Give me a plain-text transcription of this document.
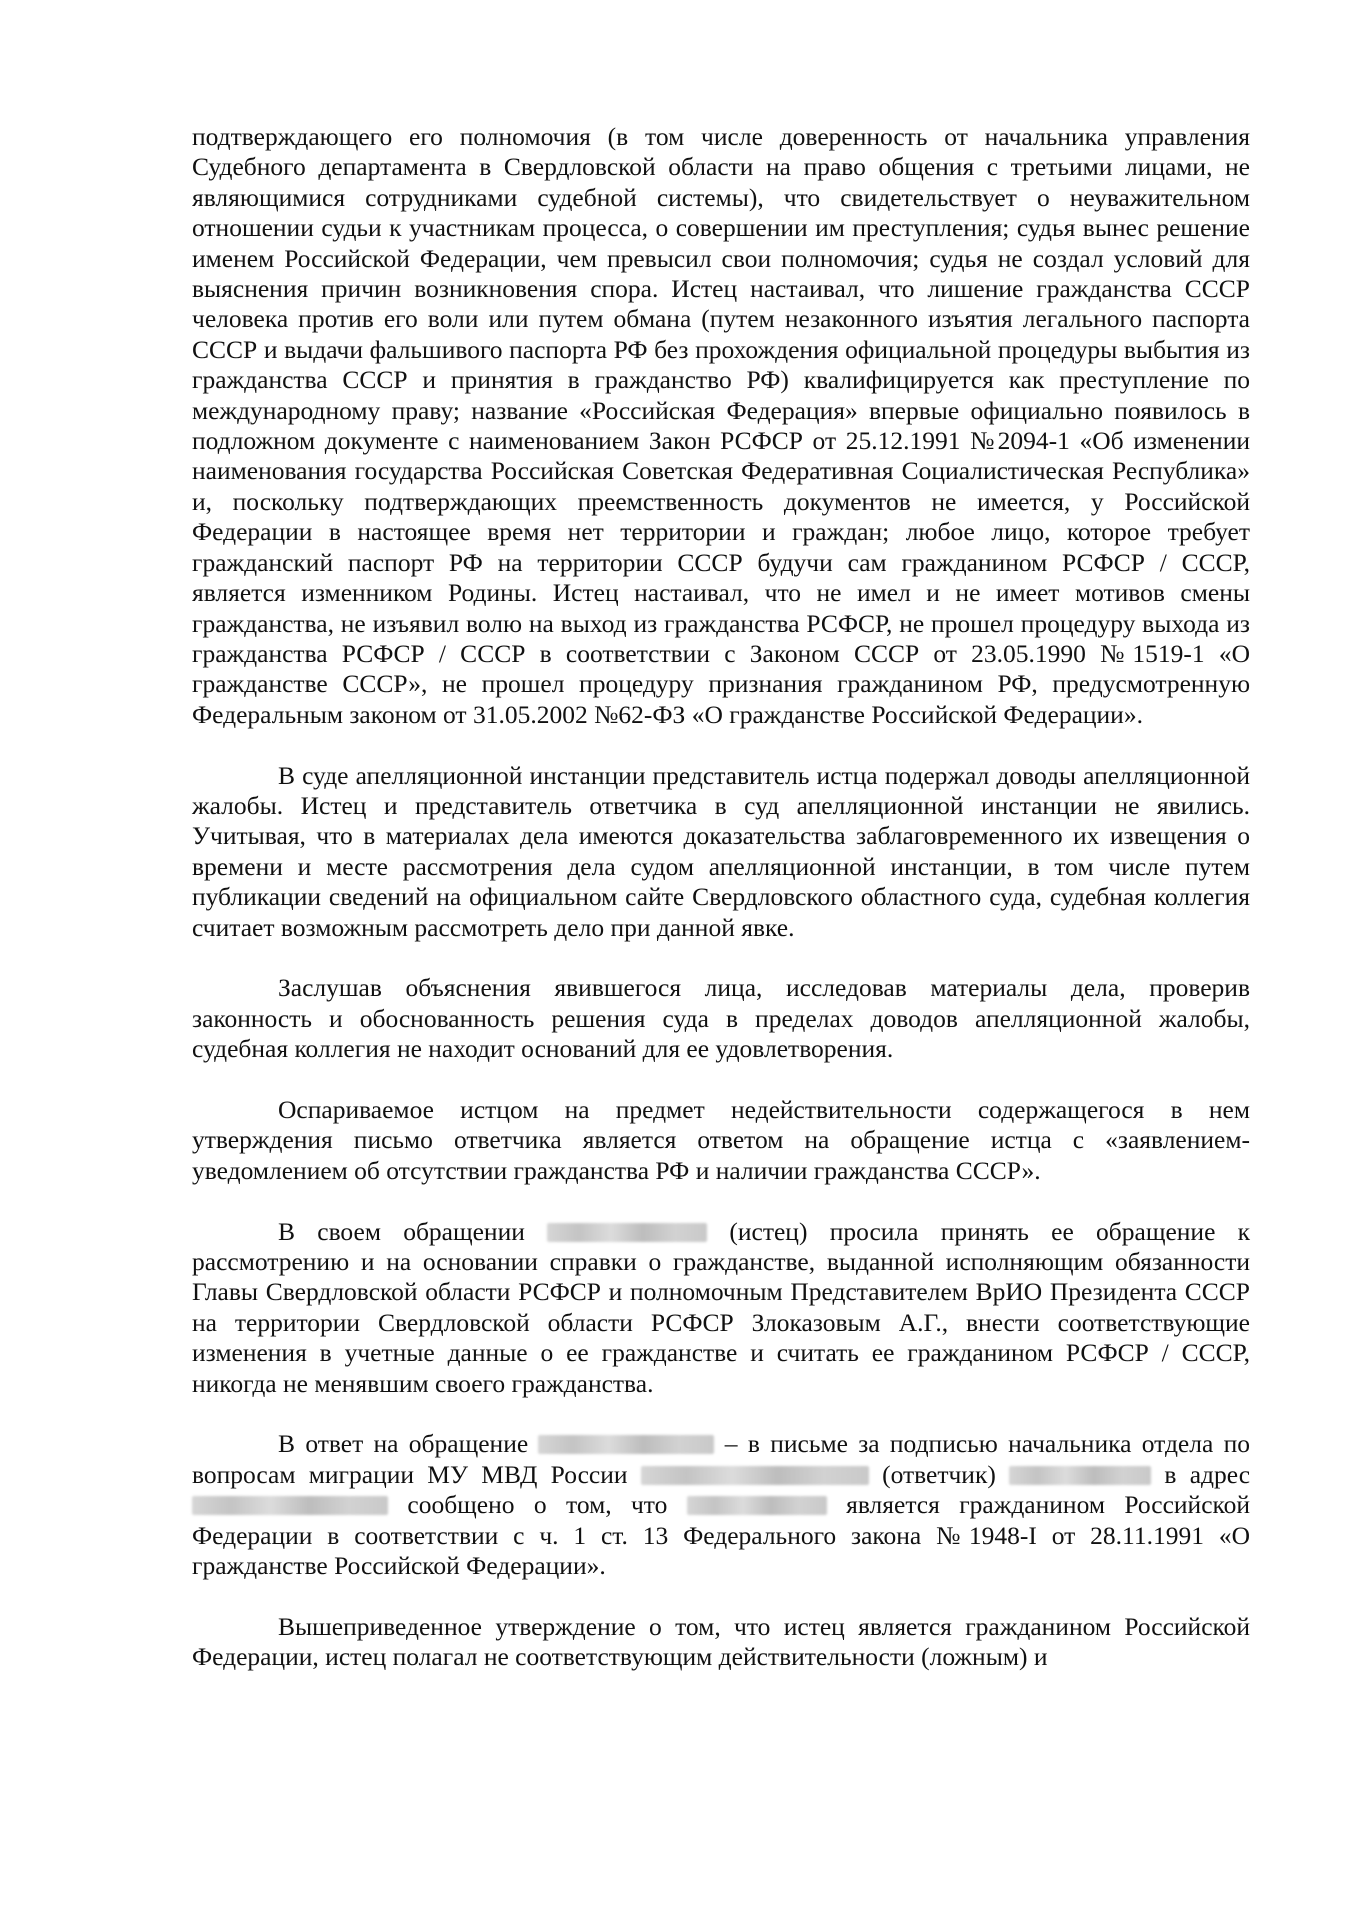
подтверждающего его полномочия (в том числе доверенность от начальника управления Судебного департамента в Свердловской области на право общения с третьими лицами, не являющимися сотрудниками судебной системы), что свидетельствует о неуважительном отношении судьи к участникам процесса, о совершении им преступления; судья вынес решение именем Российской Федерации, чем превысил свои полномочия; судья не создал условий для выяснения причин возникновения спора. Истец настаивал, что лишение гражданства СССР человека против его воли или путем обмана (путем незаконного изъятия легального паспорта СССР и выдачи фальшивого паспорта РФ без прохождения официальной процедуры выбытия из гражданства СССР и принятия в гражданство РФ) квалифицируется как преступление по международному праву; название «Российская Федерация» впервые официально появилось в подложном документе с наименованием Закон РСФСР от 25.12.1991 №2094-1 «Об изменении наименования государства Российская Советская Федеративная Социалистическая Республика» и, поскольку подтверждающих преемственность документов не имеется, у Российской Федерации в настоящее время нет территории и граждан; любое лицо, которое требует гражданский паспорт РФ на территории СССР будучи сам гражданином РСФСР / СССР, является изменником Родины. Истец настаивал, что не имел и не имеет мотивов смены гражданства, не изъявил волю на выход из гражданства РСФСР, не прошел процедуру выхода из гражданства РСФСР / СССР в соответствии с Законом СССР от 23.05.1990 №1519-1 «О гражданстве СССР», не прошел процедуру признания гражданином РФ, предусмотренную Федеральным законом от 31.05.2002 №62-ФЗ «О гражданстве Российской Федерации».

В суде апелляционной инстанции представитель истца подержал доводы апелляционной жалобы. Истец и представитель ответчика в суд апелляционной инстанции не явились. Учитывая, что в материалах дела имеются доказательства заблаговременного их извещения о времени и месте рассмотрения дела судом апелляционной инстанции, в том числе путем публикации сведений на официальном сайте Свердловского областного суда, судебная коллегия считает возможным рассмотреть дело при данной явке.

Заслушав объяснения явившегося лица, исследовав материалы дела, проверив законность и обоснованность решения суда в пределах доводов апелляционной жалобы, судебная коллегия не находит оснований для ее удовлетворения.

Оспариваемое истцом на предмет недействительности содержащегося в нем утверждения письмо ответчика является ответом на обращение истца с «заявлением-уведомлением об отсутствии гражданства РФ и наличии гражданства СССР».

В своем обращении	(истец) просила принять ее обращение к рассмотрению и на основании справки о гражданстве, выданной исполняющим обязанности Главы Свердловской области РСФСР и полномочным Представителем ВрИО Президента СССР на территории Свердловской области РСФСР Злоказовым А.Г., внести соответствующие изменения в учетные данные о ее гражданстве и считать ее гражданином РСФСР / СССР, никогда не менявшим своего гражданства.

В ответ на обращение	– в письме за подписью начальника отдела по вопросам миграции МУ МВД России	(ответчик)	в адрес  сообщено о том, что	является гражданином Российской Федерации в соответствии с ч. 1 ст. 13 Федерального закона №1948-I от 28.11.1991 «О гражданстве Российской Федерации».

Вышеприведенное утверждение о том, что истец является гражданином Российской Федерации, истец полагал не соответствующим действительности (ложным) и
